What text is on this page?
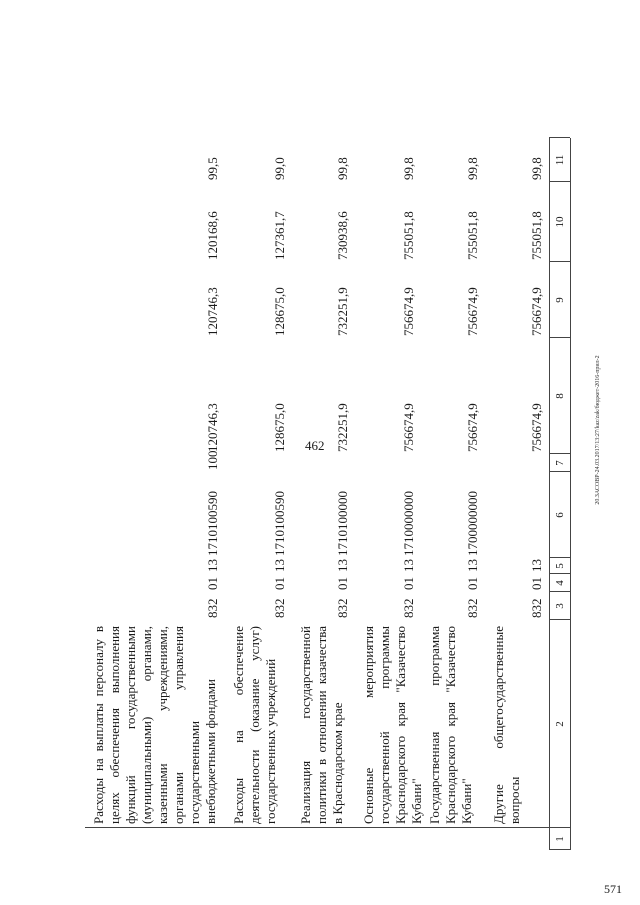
462
571
20.ЗАСОВР-24.03.2017/13:27/kaz/zak/бюджет-2016-прил-2
1
2
3
4
5
6
7
8
9
10
11
Другие общегосударственные вопросы
832
01
13
756674,9
756674,9
755051,8
99,8
Государственная программа Краснодарского края "Казачество Кубани"
832
01
13
1700000000
756674,9
756674,9
755051,8
99,8
Основные мероприятия государственной программы Краснодарского края "Казачество Кубани"
832
01
13
1710000000
756674,9
756674,9
755051,8
99,8
Реализация государственной политики в отношении казачества в Краснодарском крае
832
01
13
1710100000
732251,9
732251,9
730938,6
99,8
Расходы на обеспечение деятельности (оказание услуг) государственных учреждений
832
01
13
1710100590
128675,0
128675,0
127361,7
99,0
Расходы на выплаты персоналу в целях обеспечения выполнения функций государственными (муниципальными) органами, казенными учреждениями, органами управления государственными внебюджетными фондами
832
01
13
1710100590
100
120746,3
120746,3
120168,6
99,5
